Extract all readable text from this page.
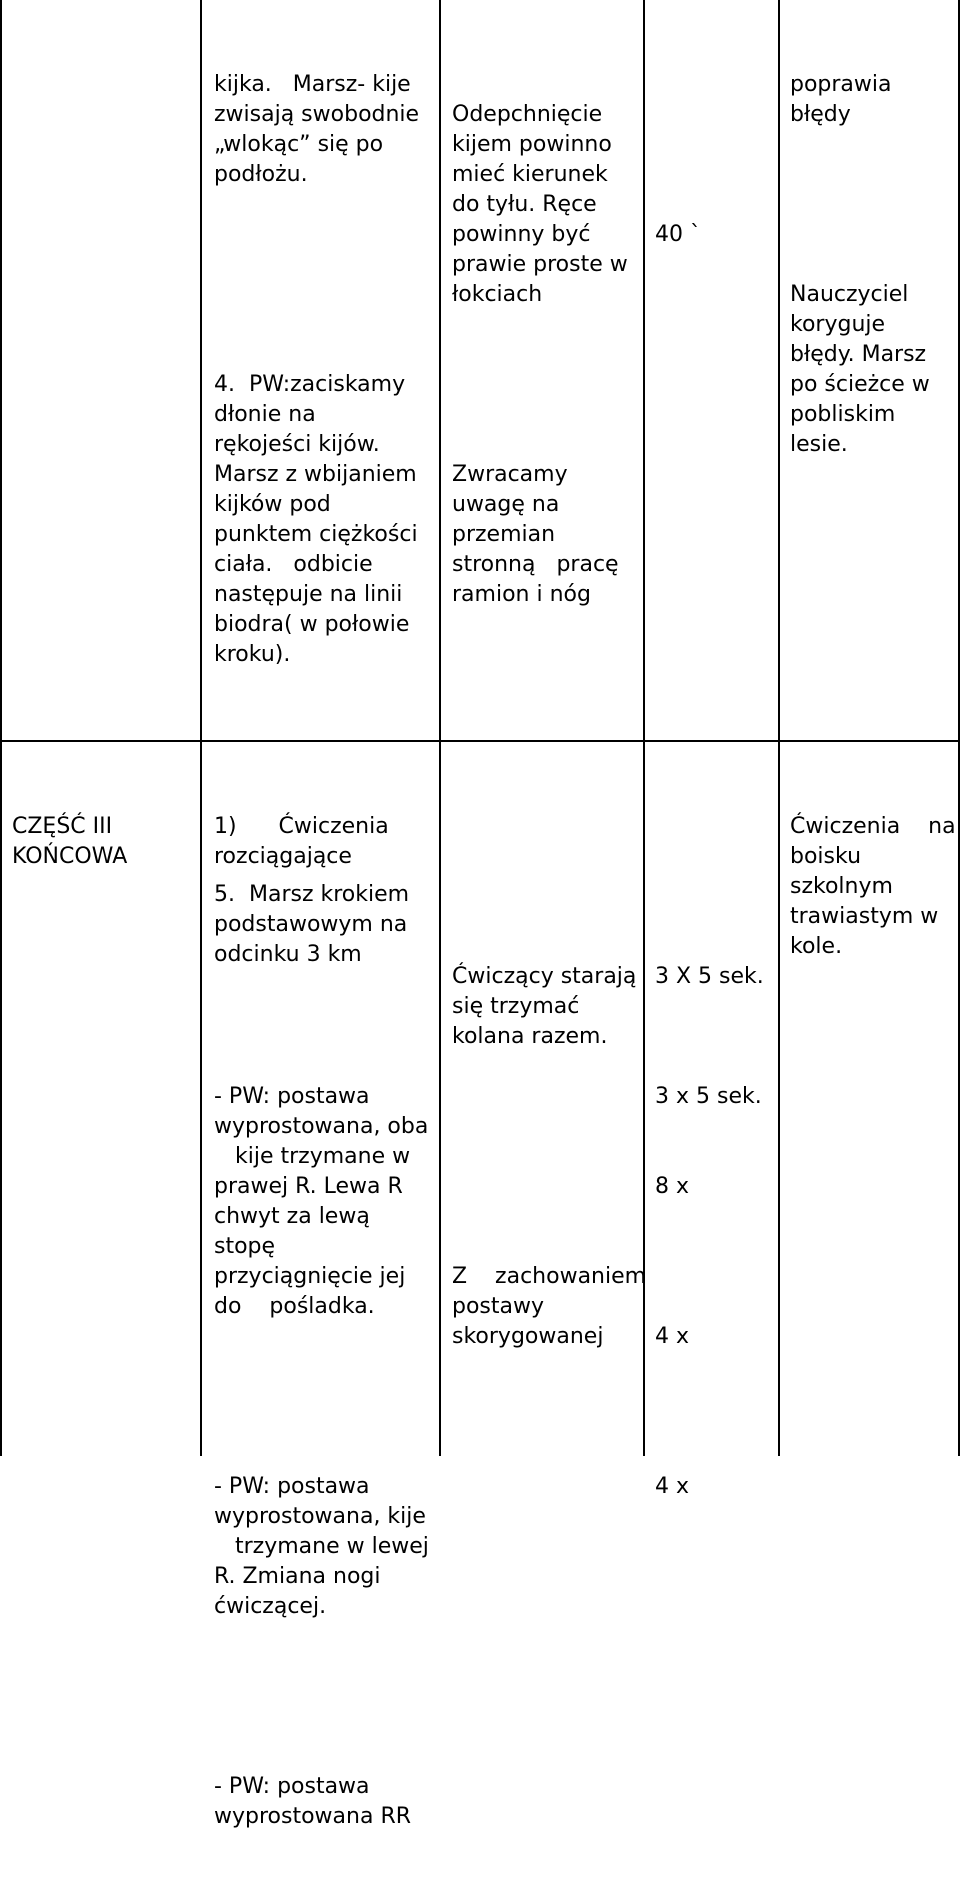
kijka.   Marsz- kije
zwisają swobodnie
„wlokąc” się po
podłożu.

4.  PW:zaciskamy
dłonie na
rękojeści kijów.
Marsz z wbijaniem
kijków pod
punktem ciężkości
ciała.   odbicie
następuje na linii
biodra( w połowie
kroku).

5.  Marsz krokiem
podstawowym na
odcinku 3 km

Odepchnięcie
kijem powinno
mieć kierunek
do tyłu. Ręce
powinny być
prawie proste w
łokciach

Zwracamy
uwagę na
przemian
stronną   pracę
ramion i nóg

40 `

poprawia
błędy

Nauczyciel
koryguje
błędy. Marsz
po ścieżce w
pobliskim
lesie.

CZĘŚĆ III
KOŃCOWA

1)      Ćwiczenia
rozciągające

- PW: postawa
wyprostowana, oba
kije trzymane w
prawej R. Lewa R
chwyt za lewą
stopę
przyciągnięcie jej
do    pośladka.

- PW: postawa
wyprostowana, kije
trzymane w lewej
R. Zmiana nogi
ćwiczącej.

- PW: postawa
wyprostowana RR

Ćwiczący starają
się trzymać
kolana razem.

Z    zachowaniem
postawy
skorygowanej

3 X 5 sek.

3 x 5 sek.

8 x

4 x

4 x

Ćwiczenia    na
boisku
szkolnym
trawiastym w
kole.
